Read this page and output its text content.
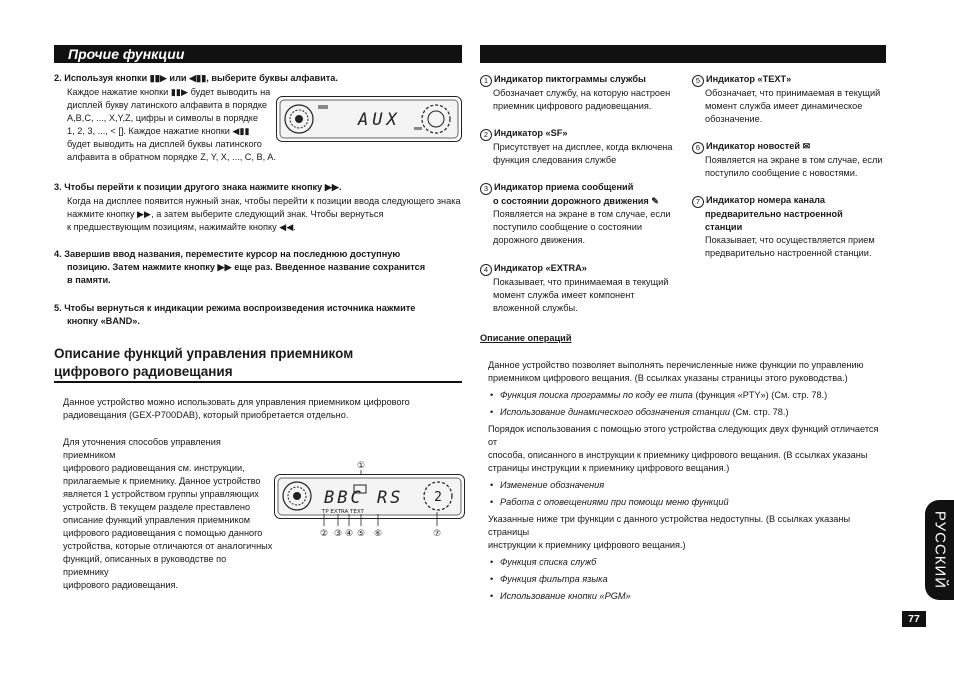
Прочие функции
2. Используя кнопки ▮▮▶ или ◀▮▮, выберите буквы алфавита.
Каждое нажатие кнопки ▮▮▶ будет выводить на
дисплей букву латинского алфавита в порядке
A,B,C, ..., X,Y,Z, цифры и символы в порядке
1, 2, 3, ..., < []. Каждое нажатие кнопки ◀▮▮
будет выводить на дисплей буквы латинского
алфавита в обратном порядке Z, Y, X, ..., C, B, A.
AUX
3. Чтобы перейти к позиции другого знака нажмите кнопку ▶▶.
Когда на дисплее появится нужный знак, чтобы перейти к позиции ввода следующего знака
нажмите кнопку ▶▶, а затем выберите следующий знак. Чтобы вернуться
к предшествующим позициям, нажимайте кнопку ◀◀.
4. Завершив ввод названия, переместите курсор на последнюю доступную
позицию. Затем нажмите кнопку ▶▶ еще раз. Введенное название сохранится
в памяти.
5. Чтобы вернуться к индикации режима воспроизведения источника нажмите
кнопку «BAND».
Описание функций управления приемником
цифрового радиовещания
Данное устройство можно использовать для управления приемником цифрового
радиовещания (GEX-P700DAB), который приобретается отдельно.
Для уточнения способов управления приемником
цифрового радиовещания см. инструкции,
прилагаемые к приемнику. Данное устройство
является 1 устройством группы управляющих
устройств. В текущем разделе преставлено
описание функций управления приемником
цифрового радиовещания с помощью данного
устройства, которые отличаются от аналогичных
функций, описанных в руководстве по приемнику
цифрового радиовещания.
①
2
BBC RS
TP EXTRA TEXT
② ③ ④ ⑤ ⑥	⑦
1 Индикатор пиктограммы службы
Обозначает службу, на которую настроен
приемник цифрового радиовещания.
2 Индикатор «SF»
Присутствует на дисплее, когда включена
функция следования службе
3 Индикатор приема сообщений
о состоянии дорожного движения ✎
Появляется на экране в том случае, если
поступило сообщение о состоянии
дорожного движения.
4 Индикатор «EXTRA»
Показывает, что принимаемая в текущий
момент служба имеет компонент
вложенной службы.
5 Индикатор «TEXT»
Обозначает, что принимаемая в текущий
момент служба имеет динамическое
обозначение.
6 Индикатор новостей ✉
Появляется на экране в том случае, если
поступило сообщение с новостями.
7 Индикатор номера канала
предварительно настроенной
станции
Показывает, что осуществляется прием
предварительно настроенной станции.
Описание операций
Данное устройство позволяет выполнять перечисленные ниже функции по управлению
приемником цифрового вещания. (В ссылках указаны страницы этого руководства.)
• Функция поиска программы по коду ее типа (функция «PTY») (См. стр. 78.)
• Использование динамического обозначения станции (См. стр. 78.)
Порядок использования с помощью этого устройства следующих двух функций отличается от
способа, описанного в инструкции к приемнику цифрового вещания. (В ссылках указаны
страницы инструкции к приемнику цифрового вещания.)
• Изменение обозначения
• Работа с оповещениями при помощи меню функций
Указанные ниже три функции с данного устройства недоступны. (В ссылках указаны страницы
инструкции к приемнику цифрового вещания.)
• Функция списка служб
• Функция фильтра языка
• Использование кнопки «PGM»
РУССКИЙ
77
